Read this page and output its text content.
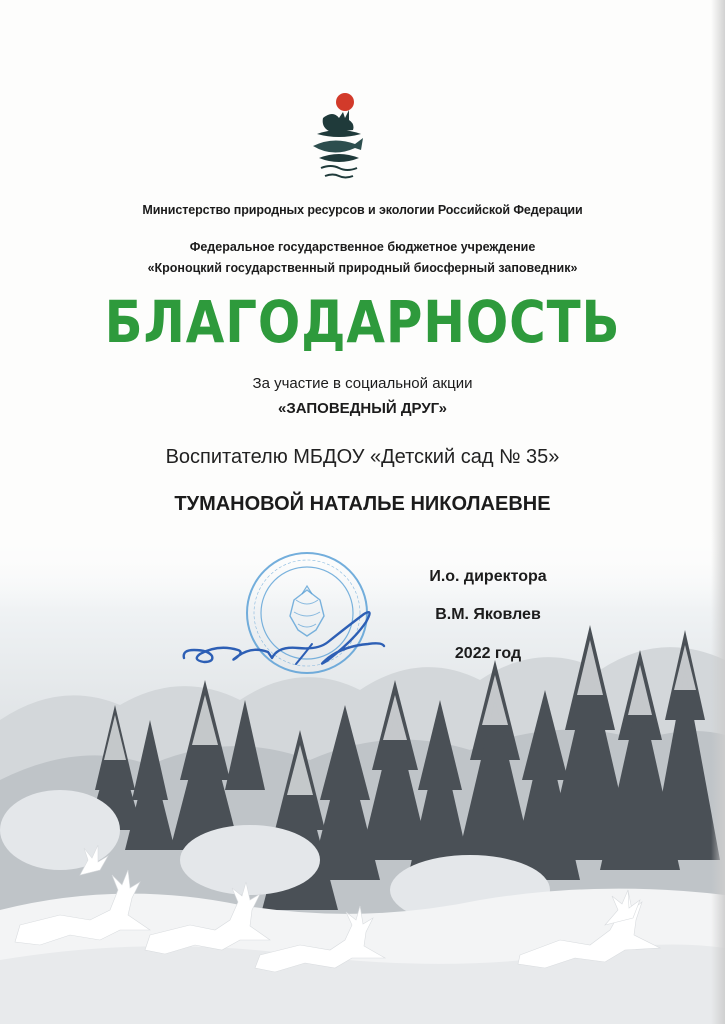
Министерство природных ресурсов и экологии Российской Федерации
Федеральное государственное бюджетное учреждение
«Кроноцкий государственный природный биосферный заповедник»
БЛАГОДАРНОСТЬ
За участие в социальной акции
«ЗАПОВЕДНЫЙ ДРУГ»
Воспитателю МБДОУ «Детский сад № 35»
ТУМАНОВОЙ НАТАЛЬЕ НИКОЛАЕВНЕ
И.о. директора
В.М. Яковлев
2022 год
